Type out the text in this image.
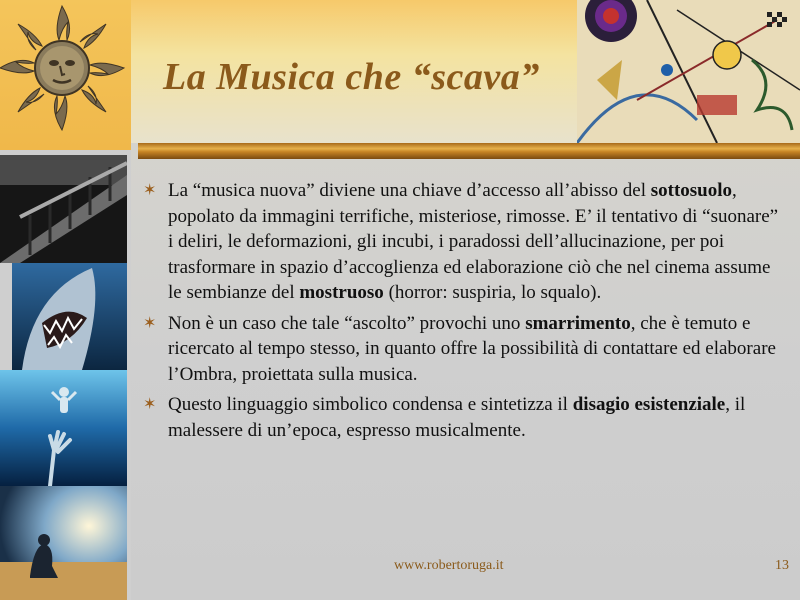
La Musica che “scava”
✶ La “musica nuova” diviene una chiave d’accesso all’abisso del sottosuolo, popolato da immagini terrifiche, misteriose, rimosse. E’ il tentativo di “suonare” i deliri, le deformazioni, gli incubi, i paradossi dell’allucinazione, per poi trasformare in spazio d’accoglienza ed elaborazione ciò che nel cinema assume le sembianze del mostruoso (horror: suspiria, lo squalo).
✶ Non è un caso che tale “ascolto” provochi uno smarrimento, che è temuto e ricercato al tempo stesso, in quanto offre la possibilità di contattare ed elaborare l’Ombra, proiettata sulla musica.
✶ Questo linguaggio simbolico condensa e sintetizza il disagio esistenziale, il malessere di un’epoca, espresso musicalmente.
www.robertoruga.it	13
